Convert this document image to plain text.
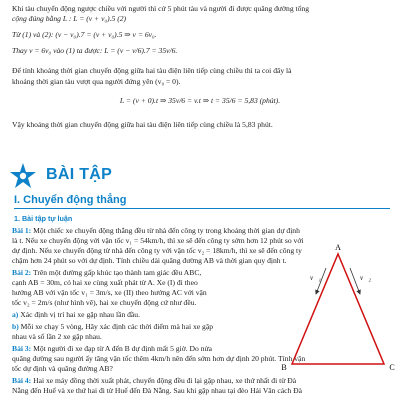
Khi tàu chuyển động ngược chiều với người thì cứ 5 phút tàu và người đi được quãng đường tổng

cộng đúng bằng L : L = (v + v₀).5 (2)

Từ (1) và (2): (v − v₀).7 = (v + v₀).5 ⇒ v = 6v₀.

Thay v = 6v₀ vào (1) ta được: L = (v − v/6).7 = 35v/6.

Để tính khoảng thời gian chuyển động giữa hai tàu điện liên tiếp cùng chiều thì ta coi đây là

khoảng thời gian tàu vượt qua người đứng yên (v₀ = 0).

L = (v + 0).t ⇒ 35v/6 = v.t ⇒ t = 35/6 = 5,83 (phút).

Vậy khoảng thời gian chuyển động giữa hai tàu điện liên tiếp cùng chiều là 5,83 phút.

BÀI TẬP
I. Chuyển động thẳng
1. Bài tập tự luận

Bài 1: Một chiếc xe chuyển động thẳng đều từ nhà đến công ty trong khoảng thời gian dự định

là t. Nếu xe chuyển động với vận tốc v₁ = 54km/h, thì xe sẽ đến công ty sớm hơn 12 phút so với

dự định. Nếu xe chuyển động từ nhà đến công ty với vận tốc v₂ = 18km/h, thì xe sẽ đến công ty

chậm hơn 24 phút so với dự định. Tính chiều dài quãng đường AB và thời gian quy định t.

Bài 2: Trên một đường gấp khúc tạo thành tam giác đều ABC,

cạnh AB = 30m, có hai xe cùng xuất phát từ A. Xe (I) đi theo

hướng AB với vận tốc v₁ = 3m/s, xe (II) theo hướng AC với vận

tốc v₂ = 2m/s (như hình vẽ), hai xe chuyển động cứ như đều.

a) Xác định vị trí hai xe gặp nhau lần đầu.

b) Mỗi xe chạy 5 vòng, Hãy xác định các thời điểm mà hai xe gặp

nhau và số lần 2 xe gặp nhau.

Bài 3: Một người đi xe đạp từ A đến B dự định mất 5 giờ. Do nửa

quãng đường sau người ấy tăng vận tốc thêm 4km/h nên đến sớm hơn dự định 20 phút. Tính vận

tốc dự định và quãng đường AB?

Bài 4: Hai xe máy đồng thời xuất phát, chuyển động đều đi lại gặp nhau, xe thứ nhất đi từ Đà

Nẵng đến Huế và xe thứ hai đi từ Huế đến Đà Nẵng. Sau khi gặp nhau tại đèo Hải Vân cách Đà

A
B	C
v⃗₁	v⃗₂
